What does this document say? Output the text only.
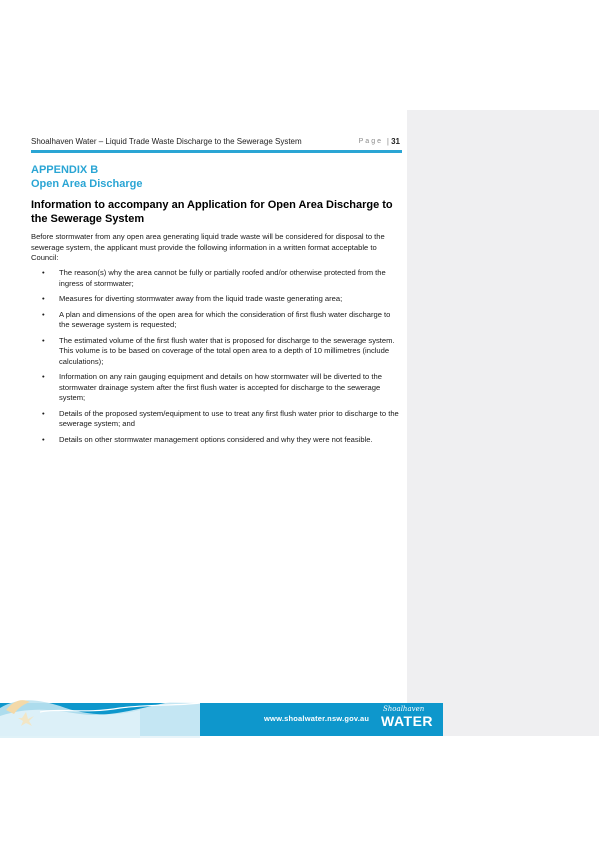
Shoalhaven Water – Liquid Trade Waste Discharge to the Sewerage System	Page | 31
APPENDIX B
Open Area Discharge
Information to accompany an Application for Open Area Discharge to the Sewerage System
Before stormwater from any open area generating liquid trade waste will be considered for disposal to the sewerage system, the applicant must provide the following information in a written format acceptable to Council:
• The reason(s) why the area cannot be fully or partially roofed and/or otherwise protected from the ingress of stormwater;
• Measures for diverting stormwater away from the liquid trade waste generating area;
• A plan and dimensions of the open area for which the consideration of first flush water discharge to the sewerage system is requested;
• The estimated volume of the first flush water that is proposed for discharge to the sewerage system. This volume is to be based on coverage of the total open area to a depth of 10 millimetres (include calculations);
• Information on any rain gauging equipment and details on how stormwater will be diverted to the stormwater drainage system after the first flush water is accepted for discharge to the sewerage system;
• Details of the proposed system/equipment to use to treat any first flush water prior to discharge to the sewerage system; and
• Details on other stormwater management options considered and why they were not feasible.
www.shoalwater.nsw.gov.au
Shoalhaven
WATER
